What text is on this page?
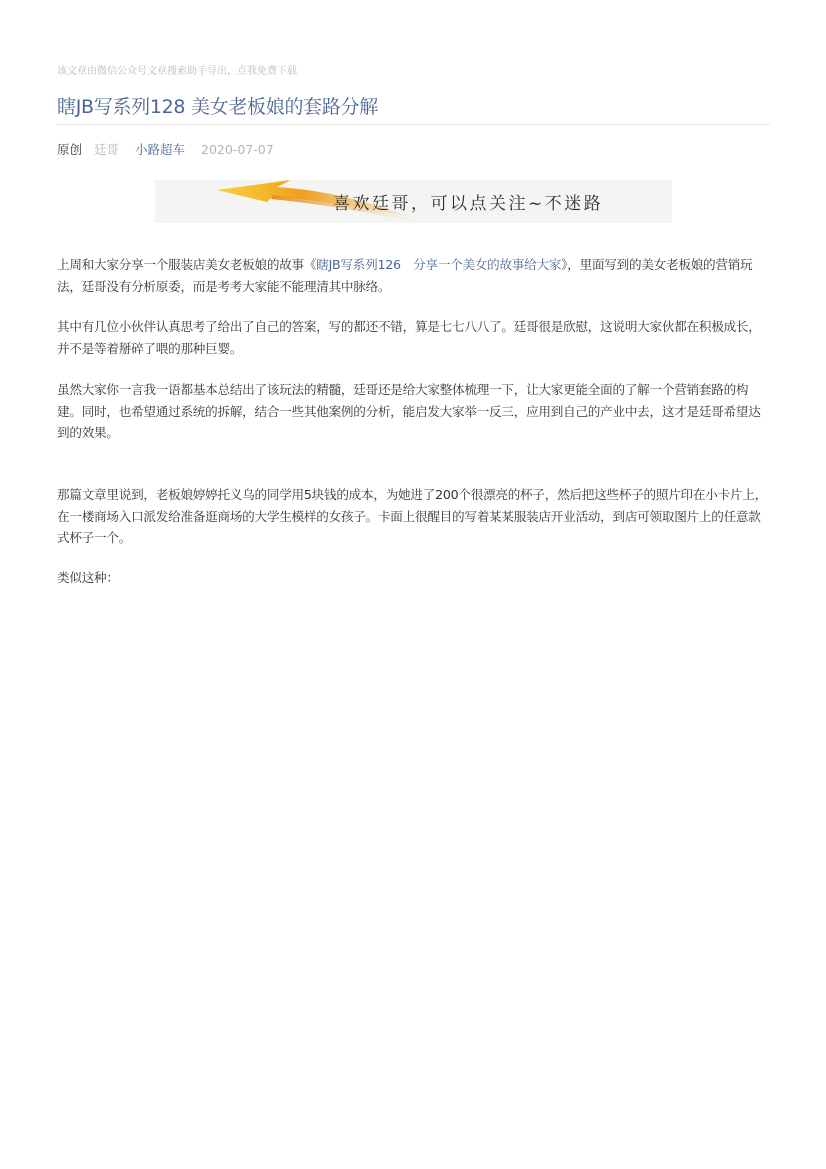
该文章由微信公众号文章搜索助手导出，点我免费下载
瞎JB写系列128 美女老板娘的套路分解
原创 廷哥 小路超车 2020-07-07
喜欢廷哥，可以点关注~不迷路

上周和大家分享一个服装店美女老板娘的故事《瞎JB写系列126　分享一个美女的故事给大家》，里面写到的美女老板娘的营销玩法，廷哥没有分析原委，而是考考大家能不能理清其中脉络。

其中有几位小伙伴认真思考了给出了自己的答案，写的都还不错，算是七七八八了。廷哥很是欣慰，这说明大家伙都在积极成长，并不是等着掰碎了喂的那种巨婴。

虽然大家你一言我一语都基本总结出了该玩法的精髓，廷哥还是给大家整体梳理一下，让大家更能全面的了解一个营销套路的构建。同时，也希望通过系统的拆解，结合一些其他案例的分析，能启发大家举一反三，应用到自己的产业中去，这才是廷哥希望达到的效果。

那篇文章里说到，老板娘婷婷托义乌的同学用5块钱的成本，为她进了200个很漂亮的杯子，然后把这些杯子的照片印在小卡片上，在一楼商场入口派发给准备逛商场的大学生模样的女孩子。卡面上很醒目的写着某某服装店开业活动，到店可领取图片上的任意款式杯子一个。

类似这种：
